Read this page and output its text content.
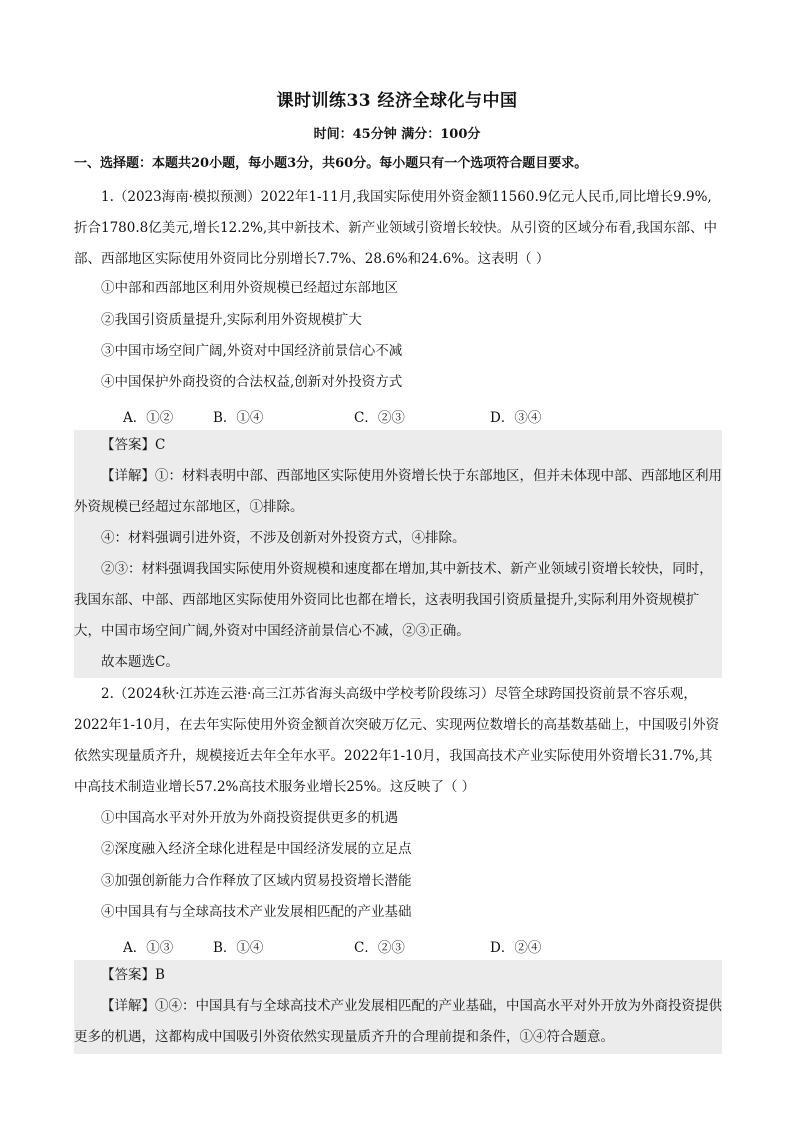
课时训练33 经济全球化与中国
时间：45分钟 满分：100分
一、选择题：本题共20小题，每小题3分，共60分。每小题只有一个选项符合题目要求。
1.（2023海南·模拟预测）2022年1-11月,我国实际使用外资金额11560.9亿元人民币,同比增长9.9%,折合1780.8亿美元,增长12.2%,其中新技术、新产业领域引资增长较快。从引资的区域分布看,我国东部、中部、西部地区实际使用外资同比分别增长7.7%、28.6%和24.6%。这表明（ ）
①中部和西部地区利用外资规模已经超过东部地区
②我国引资质量提升,实际利用外资规模扩大
③中国市场空间广阔,外资对中国经济前景信心不减
④中国保护外商投资的合法权益,创新对外投资方式
A．①②	B．①④	C．②③	D．③④
【答案】C
【详解】①：材料表明中部、西部地区实际使用外资增长快于东部地区，但并未体现中部、西部地区利用外资规模已经超过东部地区，①排除。
④：材料强调引进外资，不涉及创新对外投资方式，④排除。
②③：材料强调我国实际使用外资规模和速度都在增加,其中新技术、新产业领域引资增长较快，同时，我国东部、中部、西部地区实际使用外资同比也都在增长，这表明我国引资质量提升,实际利用外资规模扩大，中国市场空间广阔,外资对中国经济前景信心不减，②③正确。
故本题选C。
2.（2024秋·江苏连云港·高三江苏省海头高级中学校考阶段练习）尽管全球跨国投资前景不容乐观，2022年1-10月，在去年实际使用外资金额首次突破万亿元、实现两位数增长的高基数基础上，中国吸引外资依然实现量质齐升，规模接近去年全年水平。2022年1-10月，我国高技术产业实际使用外资增长31.7%,其中高技术制造业增长57.2%高技术服务业增长25%。这反映了（ ）
①中国高水平对外开放为外商投资提供更多的机遇
②深度融入经济全球化进程是中国经济发展的立足点
③加强创新能力合作释放了区域内贸易投资增长潜能
④中国具有与全球高技术产业发展相匹配的产业基础
A．①③	B．①④	C．②③	D．②④
【答案】B
【详解】①④：中国具有与全球高技术产业发展相匹配的产业基础，中国高水平对外开放为外商投资提供更多的机遇，这都构成中国吸引外资依然实现量质齐升的合理前提和条件，①④符合题意。
